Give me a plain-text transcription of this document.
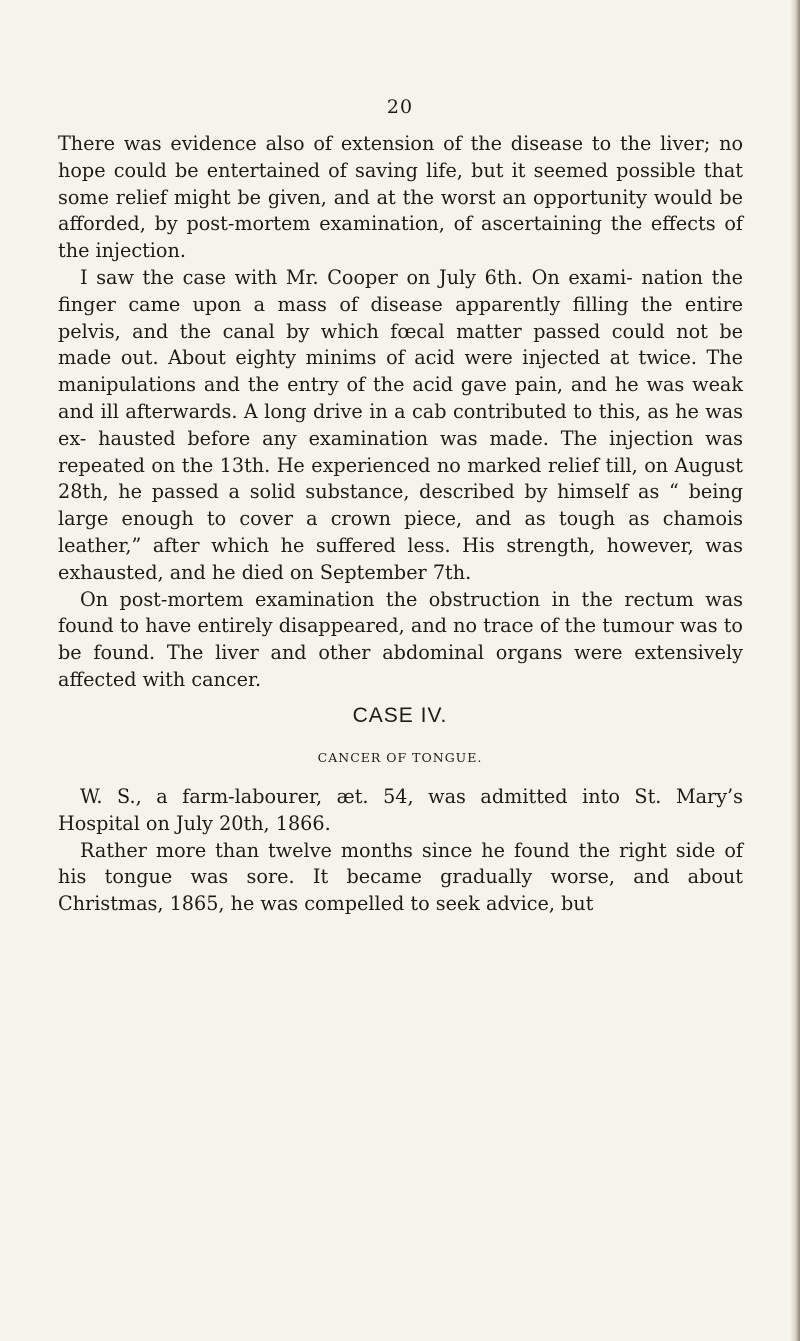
20

There was evidence also of extension of the disease to the liver; no hope could be entertained of saving life, but it seemed possible that some relief might be given, and at the worst an opportunity would be afforded, by post-mortem examination, of ascertaining the effects of the injection.

I saw the case with Mr. Cooper on July 6th. On exami- nation the finger came upon a mass of disease apparently filling the entire pelvis, and the canal by which fœcal matter passed could not be made out. About eighty minims of acid were injected at twice. The manipulations and the entry of the acid gave pain, and he was weak and ill afterwards. A long drive in a cab contributed to this, as he was ex- hausted before any examination was made. The injection was repeated on the 13th. He experienced no marked relief till, on August 28th, he passed a solid substance, described by himself as “ being large enough to cover a crown piece, and as tough as chamois leather,” after which he suffered less. His strength, however, was exhausted, and he died on September 7th.

On post-mortem examination the obstruction in the rectum was found to have entirely disappeared, and no trace of the tumour was to be found. The liver and other abdominal organs were extensively affected with cancer.

CASE IV.
CANCER OF TONGUE.

W. S., a farm-labourer, æt. 54, was admitted into St. Mary’s Hospital on July 20th, 1866.

Rather more than twelve months since he found the right side of his tongue was sore. It became gradually worse, and about Christmas, 1865, he was compelled to seek advice, but
